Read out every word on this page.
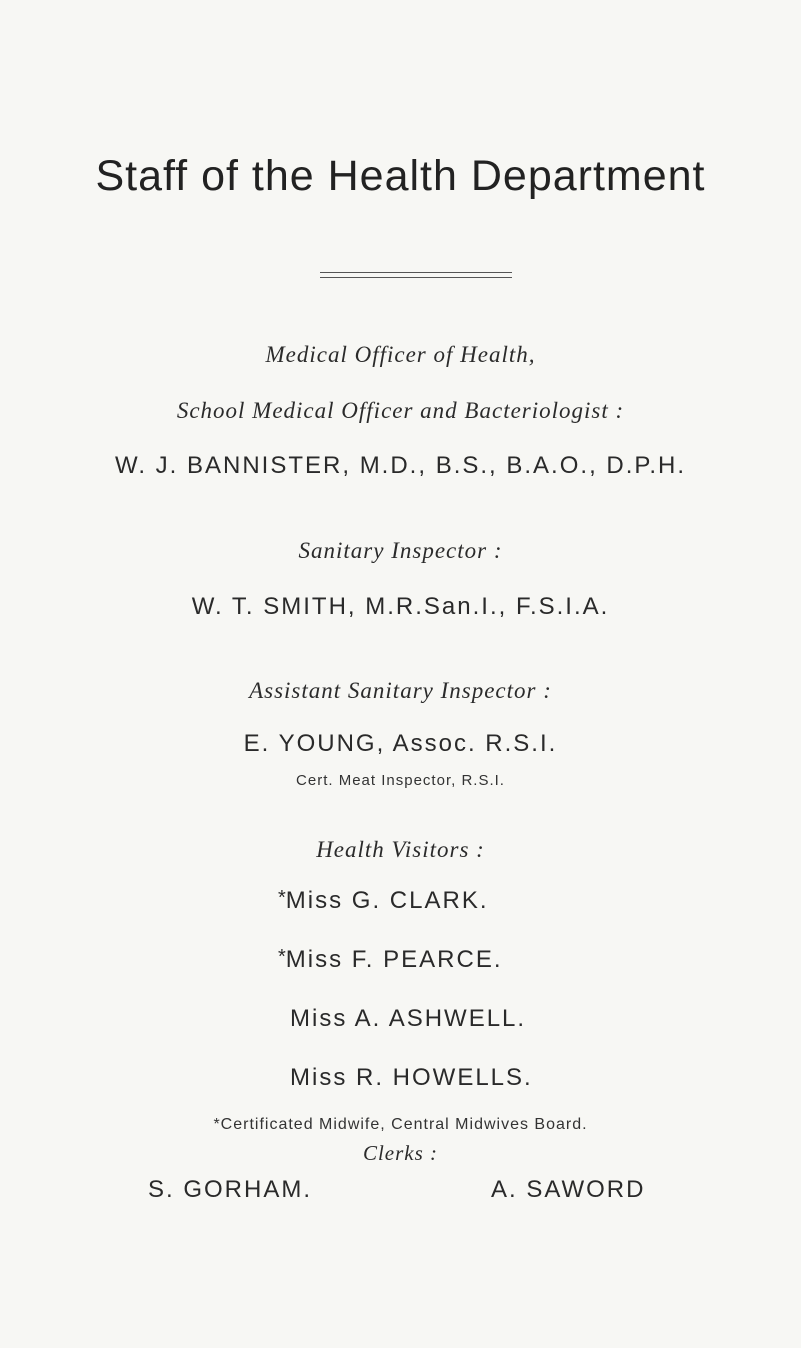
Staff of the Health Department
Medical Officer of Health,
School Medical Officer and Bacteriologist :
W. J. BANNISTER, M.D., B.S., B.A.O., D.P.H.
Sanitary Inspector :
W. T. SMITH, M.R.San.I., F.S.I.A.
Assistant Sanitary Inspector :
E. YOUNG, Assoc. R.S.I.
Cert. Meat Inspector, R.S.I.
Health Visitors :
*Miss G. CLARK.
*Miss F. PEARCE.
Miss A. ASHWELL.
Miss R. HOWELLS.
*Certificated Midwife, Central Midwives Board.
Clerks :
S. GORHAM.	A. SAWORD
